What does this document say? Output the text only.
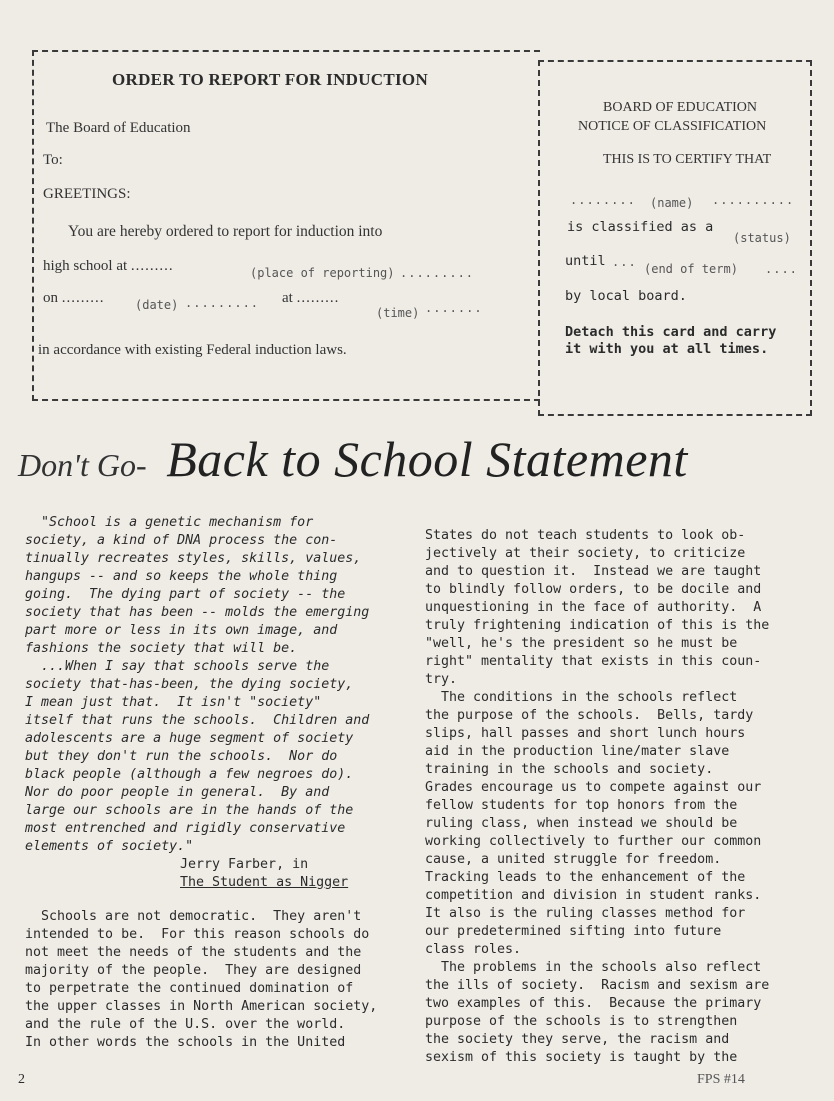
ORDER TO REPORT FOR INDUCTION
The Board of Education
To:
GREETINGS:
You are hereby ordered to report for induction into
high school at .........	(place of reporting) .........
on .........	(date) ......... at .........
(time) .......
in accordance with existing Federal induction laws.
BOARD OF EDUCATION
NOTICE OF CLASSIFICATION
THIS IS TO CERTIFY THAT
........ (name) ..........
is classified as a
(status)
until ... (end of term) ....
by local board.
Detach this card and carry
it with you at all times.
Don't Go- Back to School Statement

"School is a genetic mechanism for

society, a kind of DNA process the con-

tinually recreates styles, skills, values,

hangups -- and so keeps the whole thing

going.  The dying part of society -- the

society that has been -- molds the emerging

part more or less in its own image, and

fashions the society that will be.

...When I say that schools serve the

society that-has-been, the dying society,

I mean just that.  It isn't "society"

itself that runs the schools.  Children and

adolescents are a huge segment of society

but they don't run the schools.  Nor do

black people (although a few negroes do).

Nor do poor people in general.  By and

large our schools are in the hands of the

most entrenched and rigidly conservative

elements of society."

Jerry Farber, in

The Student as Nigger

Schools are not democratic.  They aren't

intended to be.  For this reason schools do

not meet the needs of the students and the

majority of the people.  They are designed

to perpetrate the continued domination of

the upper classes in North American society,

and the rule of the U.S. over the world.

In other words the schools in the United

States do not teach students to look ob-

jectively at their society, to criticize

and to question it.  Instead we are taught

to blindly follow orders, to be docile and

unquestioning in the face of authority.  A

truly frightening indication of this is the

"well, he's the president so he must be

right" mentality that exists in this coun-

try.

The conditions in the schools reflect

the purpose of the schools.  Bells, tardy

slips, hall passes and short lunch hours

aid in the production line/mater slave

training in the schools and society.

Grades encourage us to compete against our

fellow students for top honors from the

ruling class, when instead we should be

working collectively to further our common

cause, a united struggle for freedom.

Tracking leads to the enhancement of the

competition and division in student ranks.

It also is the ruling classes method for

our predetermined sifting into future

class roles.

The problems in the schools also reflect

the ills of society.  Racism and sexism are

two examples of this.  Because the primary

purpose of the schools is to strengthen

the society they serve, the racism and

sexism of this society is taught by the

2	FPS #14
